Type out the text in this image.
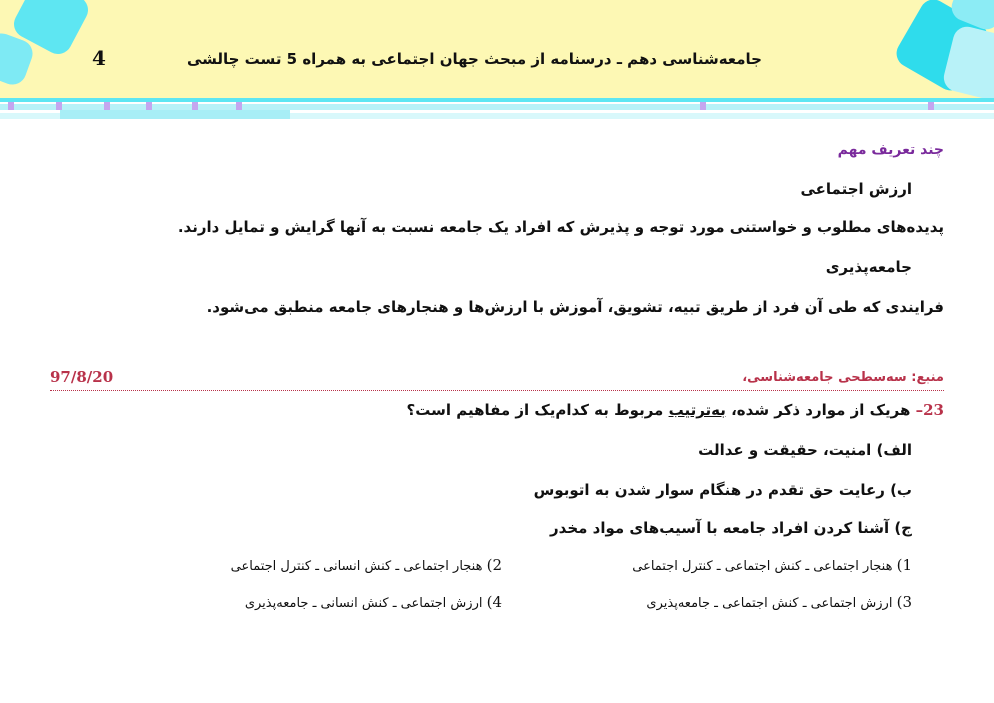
4	جامعه‌شناسی دهم ـ درسنامه از مبحث جهان اجتماعی به همراه 5 تست چالشی
چند تعریف مهم
ارزش اجتماعی
پدیده‌های مطلوب و خواستنی مورد توجه و پذیرش که افراد یک جامعه نسبت به آنها گرایش و تمایل دارند.
جامعه‌پذیری
فرایندی که طی آن فرد از طریق تبیه، تشویق، آموزش با ارزش‌ها و هنجارهای جامعه منطبق می‌شود.
منبع: سه‌سطحی جامعه‌شناسی،
97/8/20
23– هریک از موارد ذکر شده، به‌ترتیب مربوط به کدام‌یک از مفاهیم است؟
الف) امنیت، حقیقت و عدالت
ب) رعایت حق تقدم در هنگام سوار شدن به اتوبوس
ج) آشنا کردن افراد جامعه با آسیب‌های مواد مخدر
1) هنجار اجتماعی ـ کنش اجتماعی ـ کنترل اجتماعی
2) هنجار اجتماعی ـ کنش انسانی ـ کنترل اجتماعی
3) ارزش اجتماعی ـ کنش اجتماعی ـ جامعه‌پذیری
4) ارزش اجتماعی ـ کنش انسانی ـ جامعه‌پذیری
